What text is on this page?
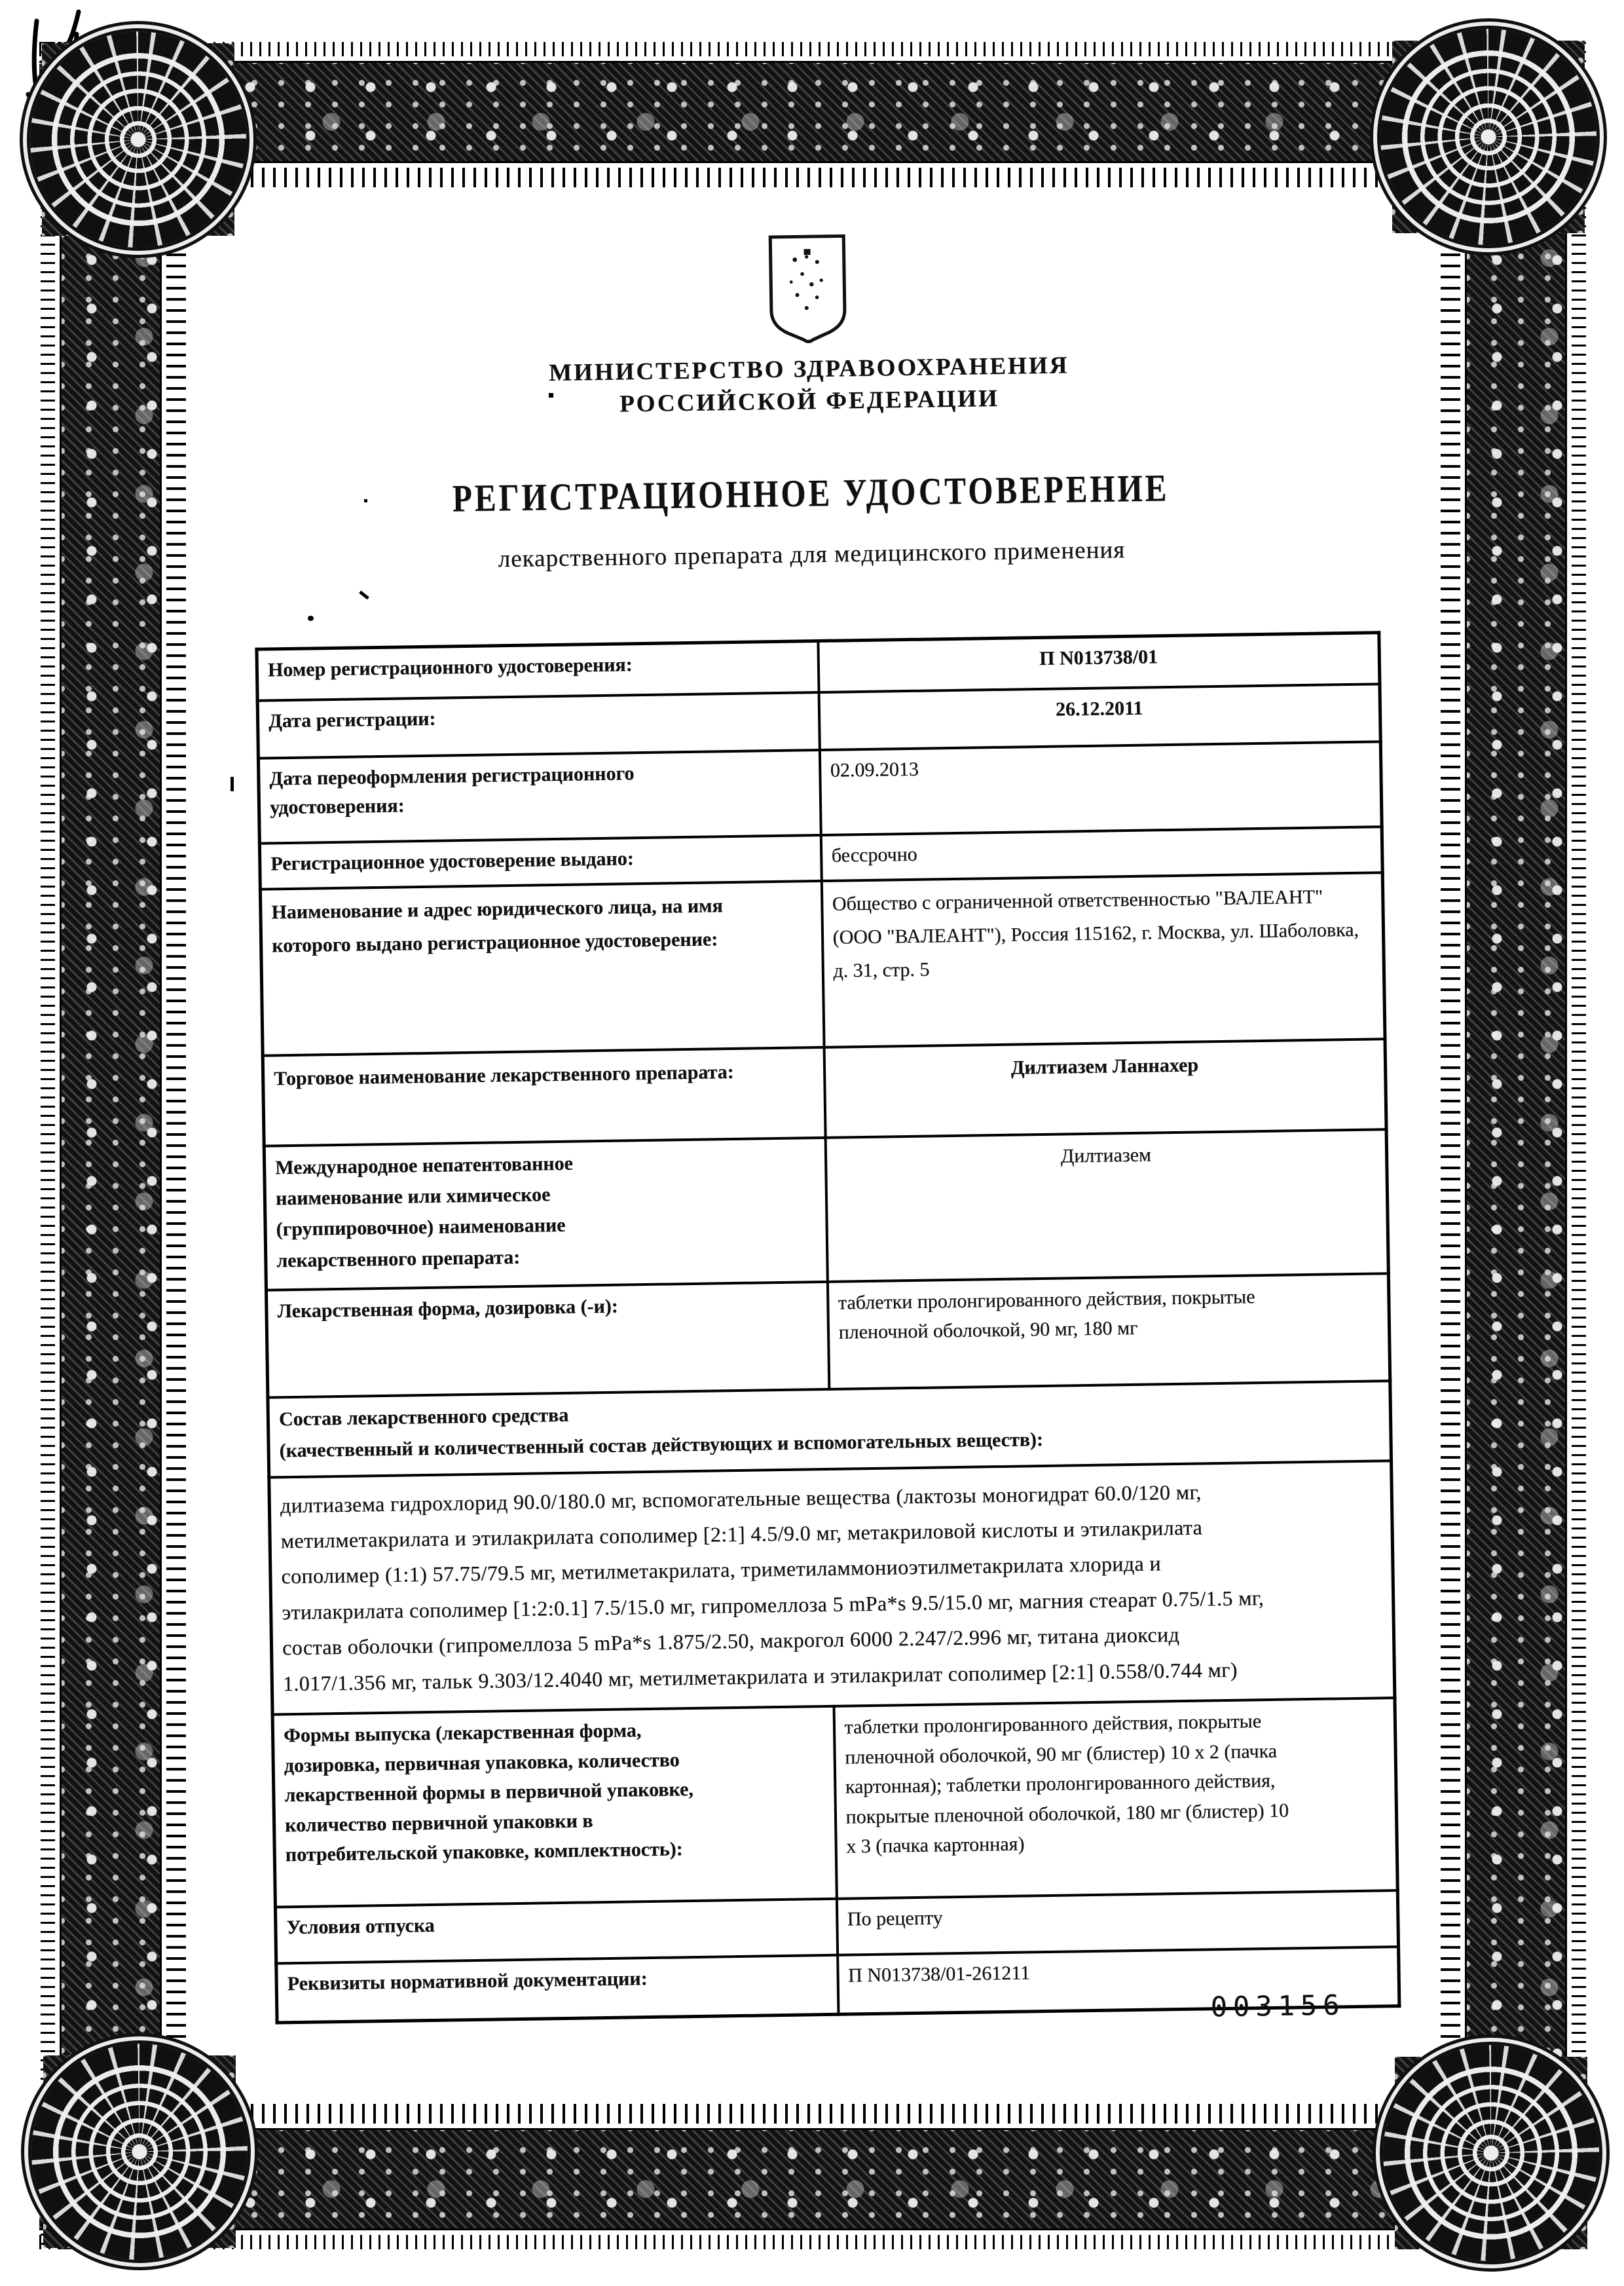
МИНИСТЕРСТВО ЗДРАВООХРАНЕНИЯ
РОССИЙСКОЙ ФЕДЕРАЦИИ
РЕГИСТРАЦИОННОЕ УДОСТОВЕРЕНИЕ
лекарственного препарата для медицинского применения
Номер регистрационного удостоверения:	П N013738/01
Дата регистрации:	26.12.2011
Дата переоформления регистрационного удостоверения:	02.09.2013
Регистрационное удостоверение выдано:	бессрочно
Наименование и адрес юридического лица, на имя которого выдано регистрационное удостоверение:	Общество с ограниченной ответственностью "ВАЛЕАНТ" (ООО "ВАЛЕАНТ"), Россия 115162, г. Москва, ул. Шаболовка, д. 31, стр. 5
Торговое наименование лекарственного препарата:	Дилтиазем Ланнахер
Международное непатентованное наименование или химическое (группировочное) наименование лекарственного препарата:	Дилтиазем
Лекарственная форма, дозировка (-и):	таблетки пролонгированного действия, покрытые пленочной оболочкой, 90 мг, 180 мг

Состав лекарственного средства
(качественный и количественный состав действующих и вспомогательных веществ):	

дилтиазема гидрохлорид 90.0/180.0 мг, вспомогательные вещества (лактозы моногидрат 60.0/120 мг, метилметакрилата и этилакрилата сополимер [2:1] 4.5/9.0 мг, метакриловой кислоты и этилакрилата сополимер (1:1) 57.75/79.5 мг, метилметакрилата, триметиламмониоэтилметакрилата хлорида и этилакрилата сополимер [1:2:0.1] 7.5/15.0 мг, гипромеллоза 5 mPa*s 9.5/15.0 мг, магния стеарат 0.75/1.5 мг, состав оболочки (гипромеллоза 5 mPa*s 1.875/2.50, макрогол 6000 2.247/2.996 мг, титана диоксид 1.017/1.356 мг, тальк 9.303/12.4040 мг, метилметакрилата и этилакрилат сополимер [2:1] 0.558/0.744 мг)	
Формы выпуска (лекарственная форма, дозировка, первичная упаковка, количество лекарственной формы в первичной упаковке, количество первичной упаковки в потребительской упаковке, комплектность):	таблетки пролонгированного действия, покрытые пленочной оболочкой, 90 мг (блистер) 10 х 2 (пачка картонная); таблетки пролонгированного действия, покрытые пленочной оболочкой, 180 мг (блистер) 10 х 3 (пачка картонная)
Условия отпуска	По рецепту
Реквизиты нормативной документации:	П N013738/01-261211
003156
